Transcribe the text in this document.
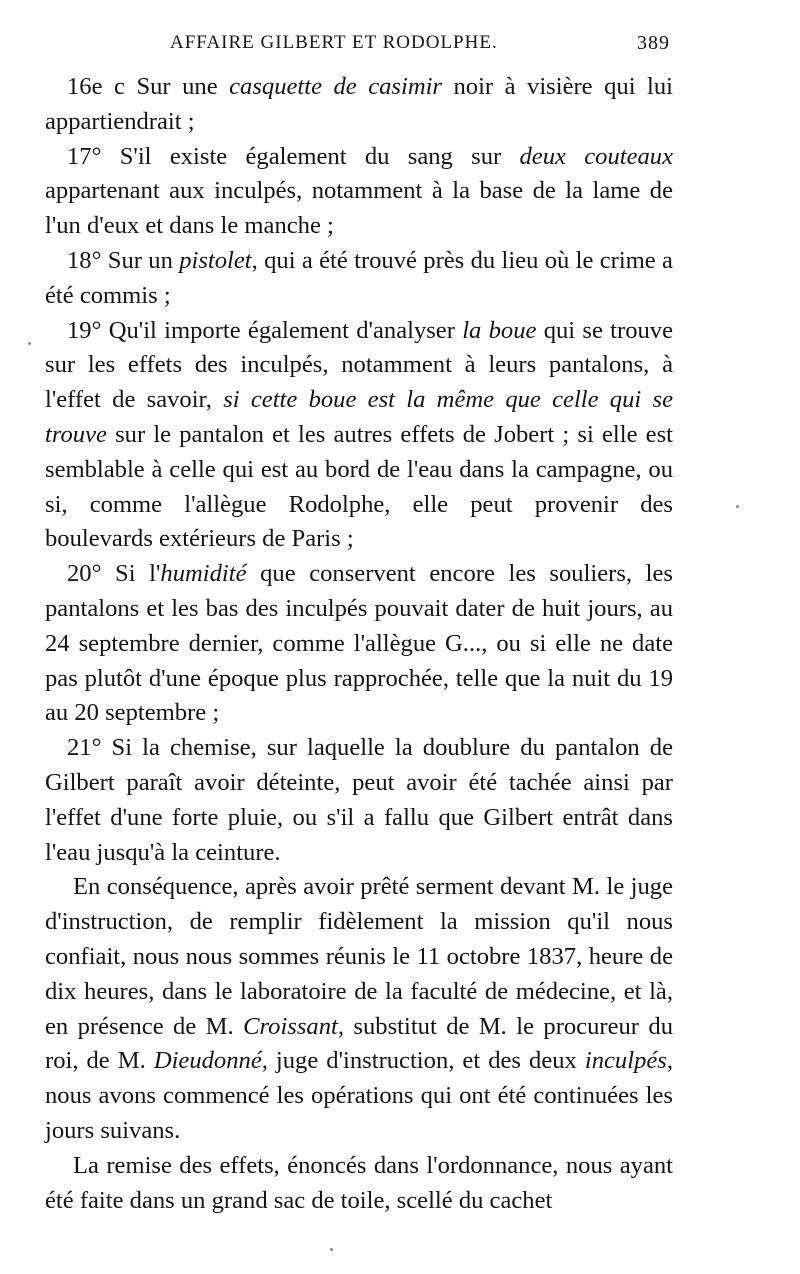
AFFAIRE GILBERT ET RODOLPHE.	389

16e c Sur une casquette de casimir noir à visière qui lui appartiendrait ;

17° S'il existe également du sang sur deux couteaux appartenant aux inculpés, notamment à la base de la lame de l'un d'eux et dans le manche ;

18° Sur un pistolet, qui a été trouvé près du lieu où le crime a été commis ;

19° Qu'il importe également d'analyser la boue qui se trouve sur les effets des inculpés, notamment à leurs pantalons, à l'effet de savoir, si cette boue est la même que celle qui se trouve sur le pantalon et les autres effets de Jobert ; si elle est semblable à celle qui est au bord de l'eau dans la campagne, ou si, comme l'allègue Rodolphe, elle peut provenir des boulevards extérieurs de Paris ;

20° Si l'humidité que conservent encore les souliers, les pantalons et les bas des inculpés pouvait dater de huit jours, au 24 septembre dernier, comme l'allègue G..., ou si elle ne date pas plutôt d'une époque plus rapprochée, telle que la nuit du 19 au 20 septembre ;

21° Si la chemise, sur laquelle la doublure du pantalon de Gilbert paraît avoir déteinte, peut avoir été tachée ainsi par l'effet d'une forte pluie, ou s'il a fallu que Gilbert entrât dans l'eau jusqu'à la ceinture.

En conséquence, après avoir prêté serment devant M. le juge d'instruction, de remplir fidèlement la mission qu'il nous confiait, nous nous sommes réunis le 11 octobre 1837, heure de dix heures, dans le laboratoire de la faculté de médecine, et là, en présence de M. Croissant, substitut de M. le procureur du roi, de M. Dieudonné, juge d'instruction, et des deux inculpés, nous avons commencé les opérations qui ont été continuées les jours suivans.

La remise des effets, énoncés dans l'ordonnance, nous ayant été faite dans un grand sac de toile, scellé du cachet
